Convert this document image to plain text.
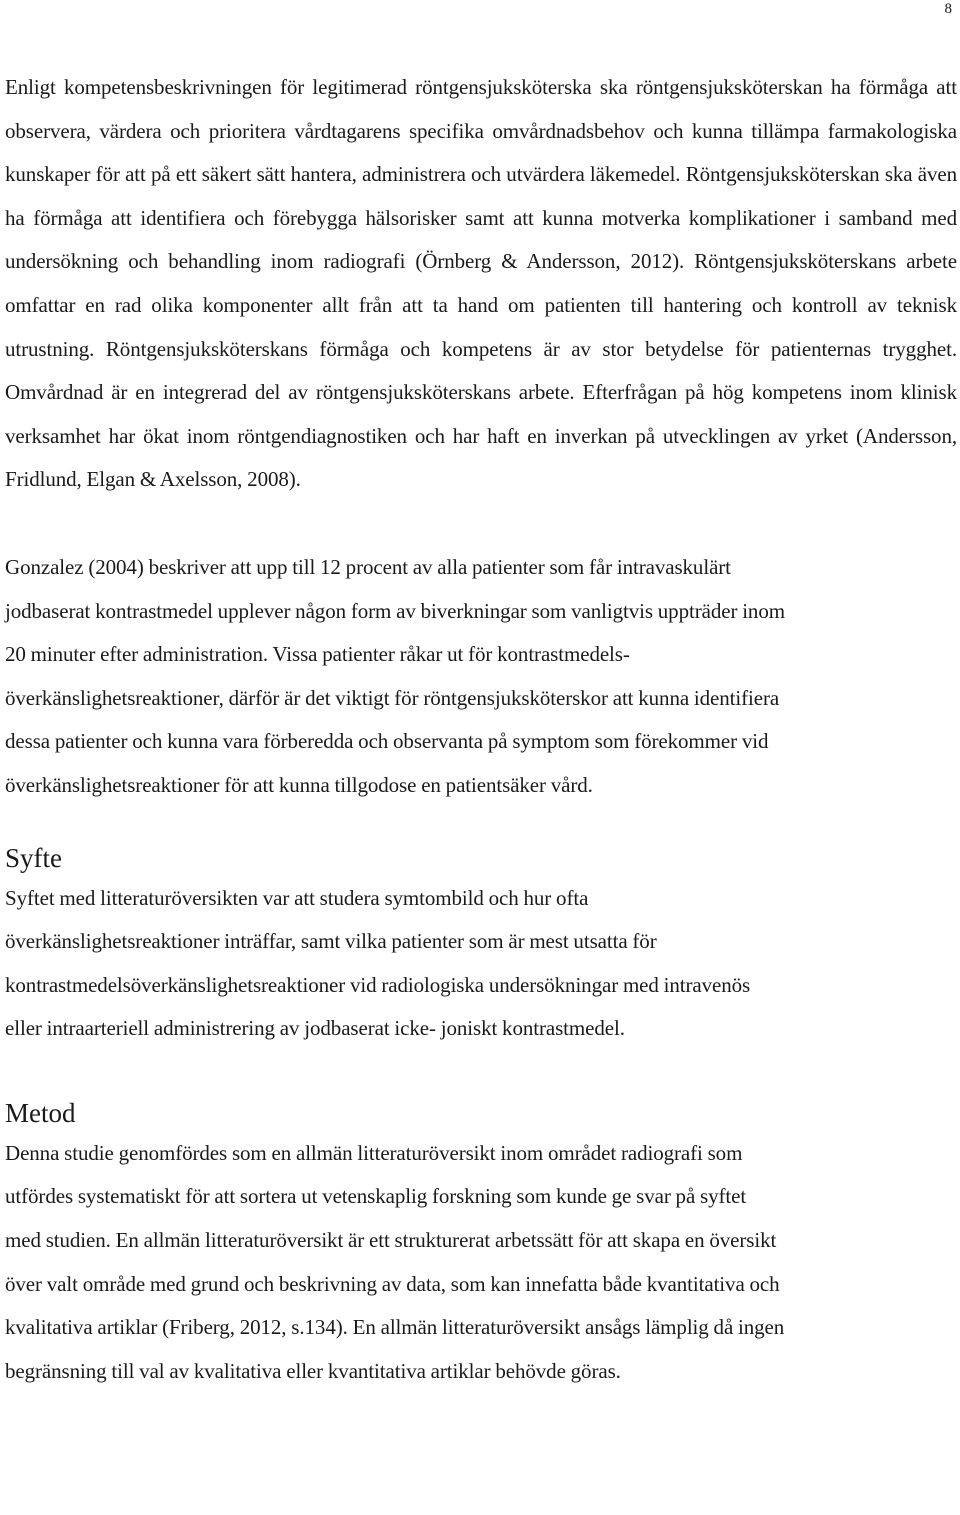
8

Enligt kompetensbeskrivningen för legitimerad röntgensjuksköterska ska röntgensjuksköterskan ha förmåga att observera, värdera och prioritera vårdtagarens specifika omvårdnadsbehov och kunna tillämpa farmakologiska kunskaper för att på ett säkert sätt hantera, administrera och utvärdera läkemedel. Röntgensjuksköterskan ska även ha förmåga att identifiera och förebygga hälsorisker samt att kunna motverka komplikationer i samband med undersökning och behandling inom radiografi (Örnberg & Andersson, 2012). Röntgensjuksköterskans arbete omfattar en rad olika komponenter allt från att ta hand om patienten till hantering och kontroll av teknisk utrustning. Röntgensjuksköterskans förmåga och kompetens är av stor betydelse för patienternas trygghet. Omvårdnad är en integrerad del av röntgensjuksköterskans arbete. Efterfrågan på hög kompetens inom klinisk verksamhet har ökat inom röntgendiagnostiken och har haft en inverkan på utvecklingen av yrket (Andersson, Fridlund, Elgan & Axelsson, 2008).

Gonzalez (2004) beskriver att upp till 12 procent av alla patienter som får intravaskulärt
jodbaserat kontrastmedel upplever någon form av biverkningar som vanligtvis uppträder inom
20 minuter efter administration. Vissa patienter råkar ut för kontrastmedels-
överkänslighetsreaktioner, därför är det viktigt för röntgensjuksköterskor att kunna identifiera
dessa patienter och kunna vara förberedda och observanta på symptom som förekommer vid
överkänslighetsreaktioner för att kunna tillgodose en patientsäker vård.
Syfte
Syftet med litteraturöversikten var att studera symtombild och hur ofta
överkänslighetsreaktioner inträffar, samt vilka patienter som är mest utsatta för
kontrastmedelsöverkänslighetsreaktioner vid radiologiska undersökningar med intravenös
eller intraarteriell administrering av jodbaserat icke- joniskt kontrastmedel.
Metod
Denna studie genomfördes som en allmän litteraturöversikt inom området radiografi som
utfördes systematiskt för att sortera ut vetenskaplig forskning som kunde ge svar på syftet
med studien. En allmän litteraturöversikt är ett strukturerat arbetssätt för att skapa en översikt
över valt område med grund och beskrivning av data, som kan innefatta både kvantitativa och
kvalitativa artiklar (Friberg, 2012, s.134). En allmän litteraturöversikt ansågs lämplig då ingen
begränsning till val av kvalitativa eller kvantitativa artiklar behövde göras.
